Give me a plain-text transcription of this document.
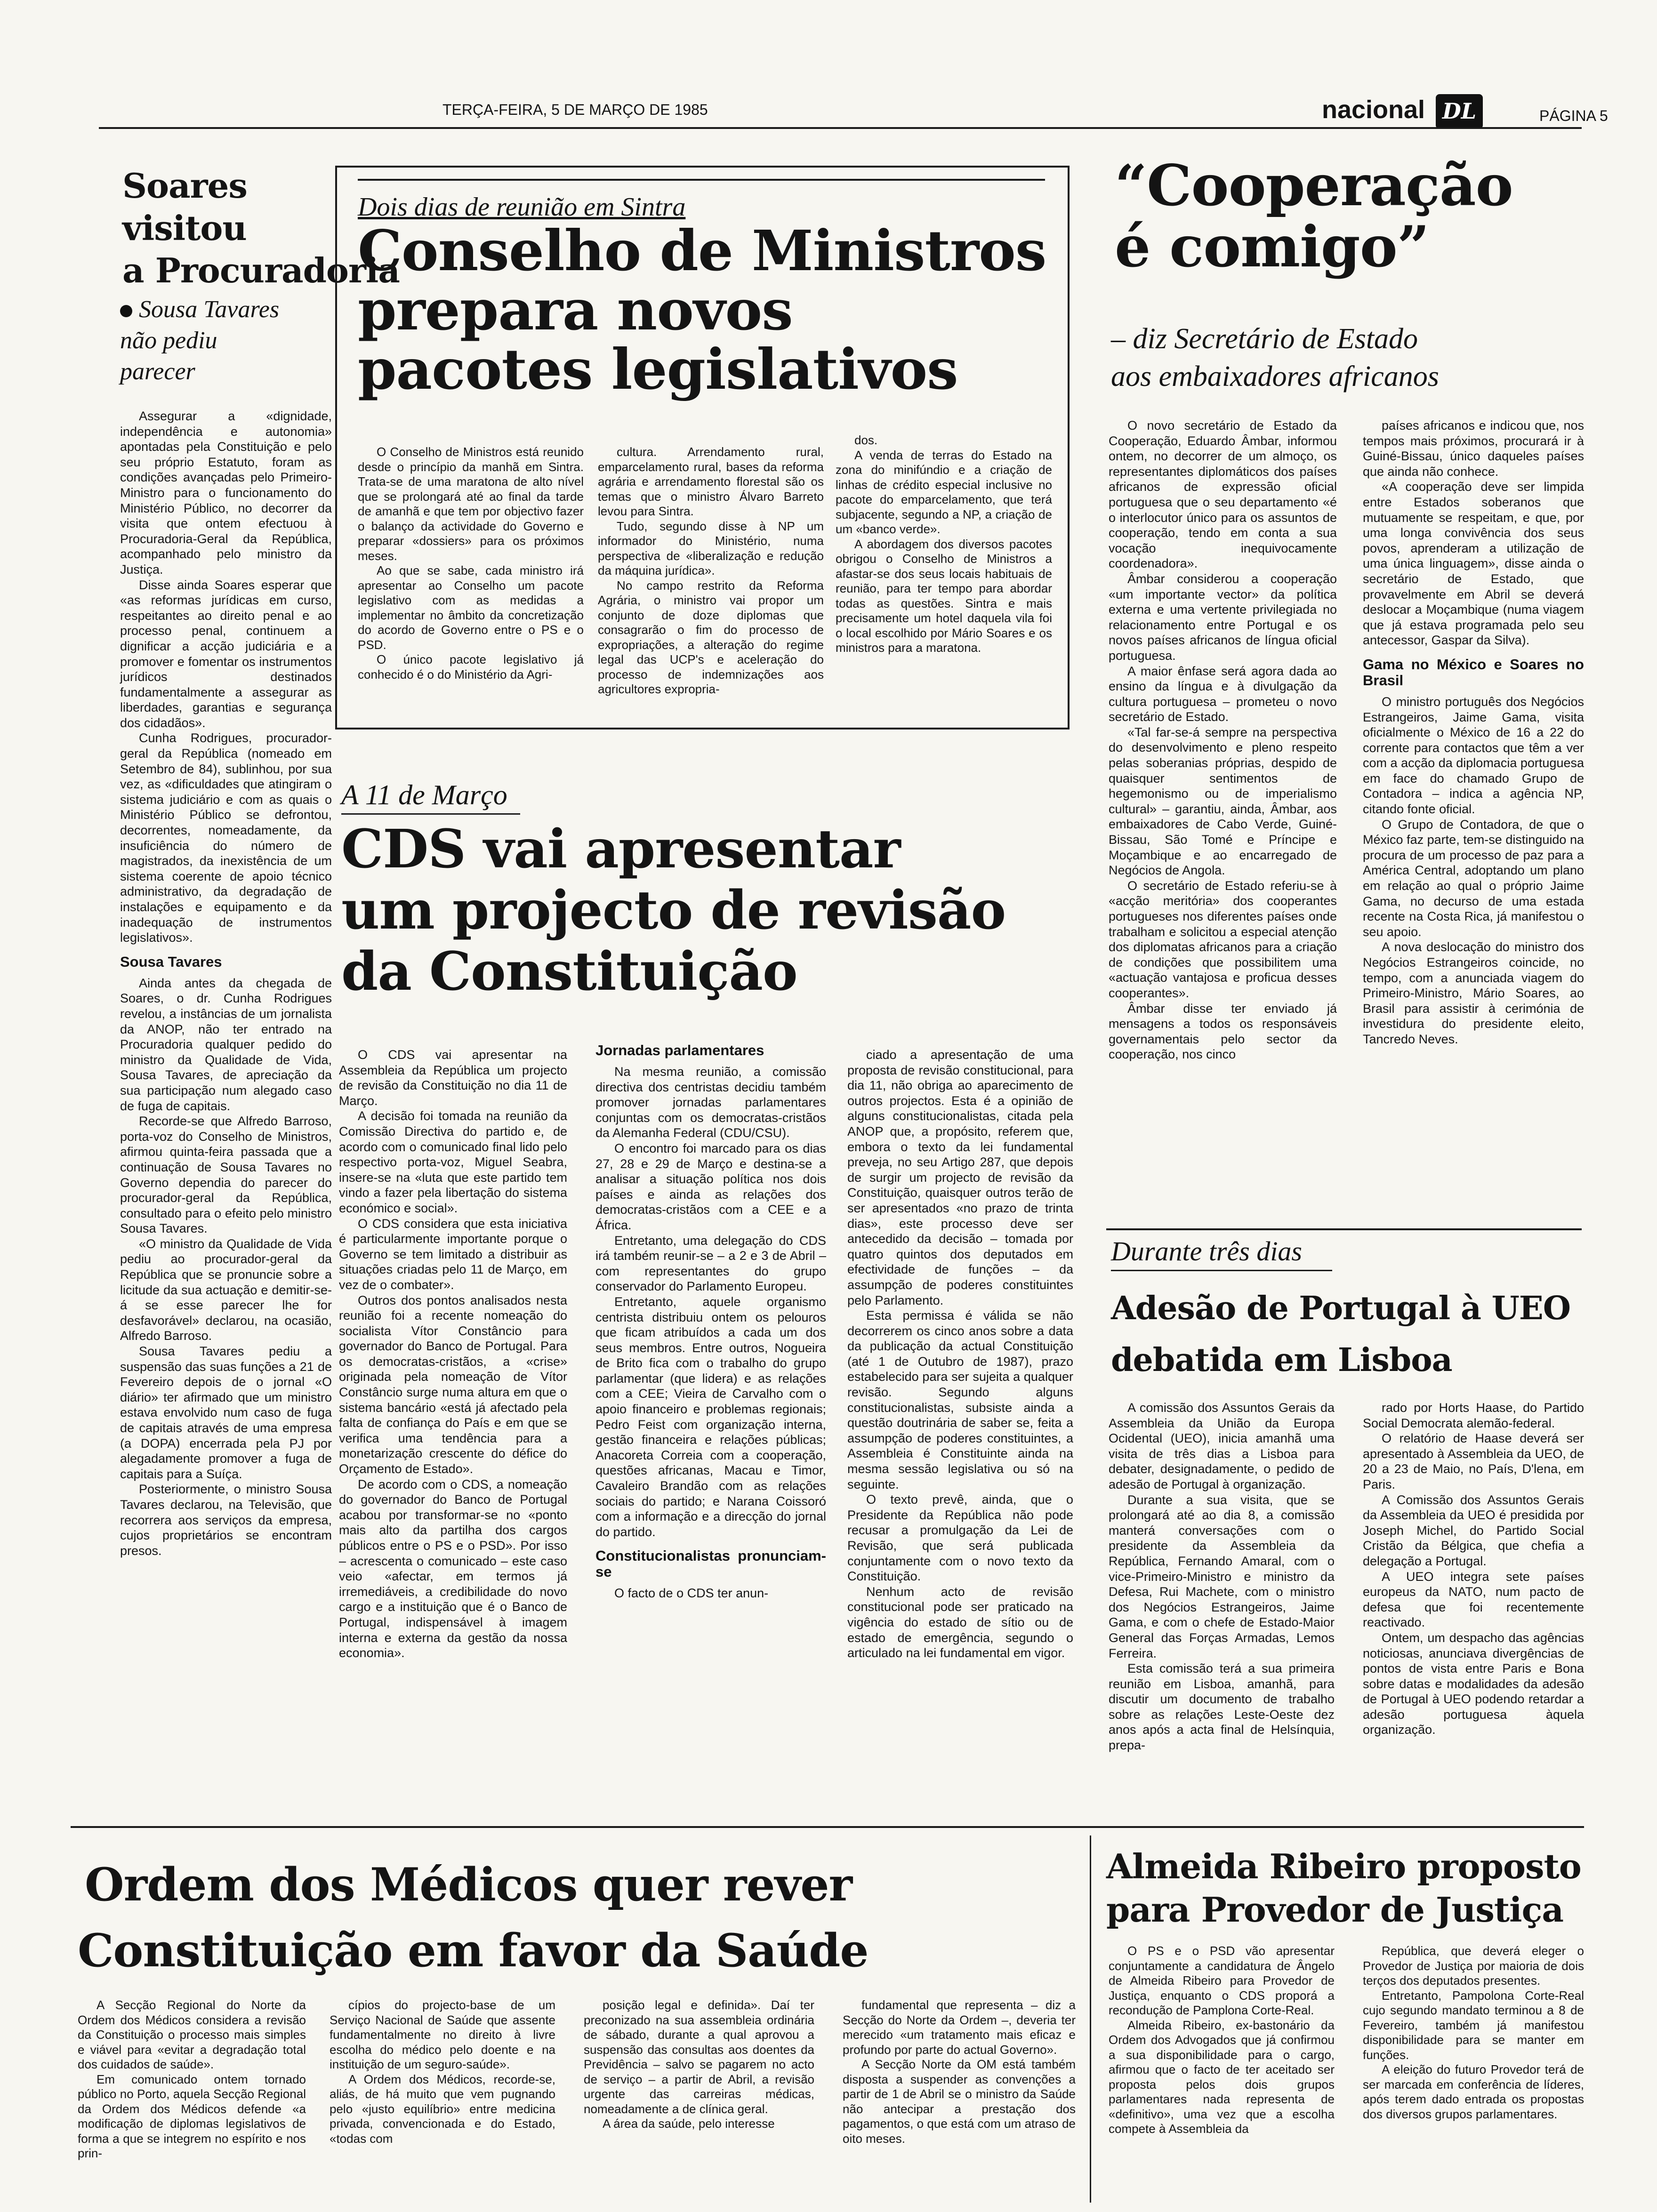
TERÇA-FEIRA, 5 DE MARÇO DE 1985	nacional DL	PÁGINA 5
Soares
visitou
a Procuradoria
Sousa Tavares
não pediu
parecer

Assegurar a «dignidade, independência e autonomia» apontadas pela Constituição e pelo seu próprio Estatuto, foram as condições avançadas pelo Primeiro-Ministro para o funcionamento do Ministério Público, no decorrer da visita que ontem efectuou à Procuradoria-Geral da República, acompanhado pelo ministro da Justiça.

Disse ainda Soares esperar que «as reformas jurídicas em curso, respeitantes ao direito penal e ao processo penal, continuem a dignificar a acção judiciária e a promover e fomentar os instrumentos jurídicos destinados fundamentalmente a assegurar as liberdades, garantias e segurança dos cidadãos».

Cunha Rodrigues, procurador-geral da República (nomeado em Setembro de 84), sublinhou, por sua vez, as «dificuldades que atingiram o sistema judiciário e com as quais o Ministério Público se defrontou, decorrentes, nomeadamente, da insuficiência do número de magistrados, da inexistência de um sistema coerente de apoio técnico administrativo, da degradação de instalações e equipamento e da inadequação de instrumentos legislativos».

Sousa Tavares

Ainda antes da chegada de Soares, o dr. Cunha Rodrigues revelou, a instâncias de um jornalista da ANOP, não ter entrado na Procuradoria qualquer pedido do ministro da Qualidade de Vida, Sousa Tavares, de apreciação da sua participação num alegado caso de fuga de capitais.

Recorde-se que Alfredo Barroso, porta-voz do Conselho de Ministros, afirmou quinta-feira passada que a continuação de Sousa Tavares no Governo dependia do parecer do procurador-geral da República, consultado para o efeito pelo ministro Sousa Tavares.

«O ministro da Qualidade de Vida pediu ao procurador-geral da República que se pronuncie sobre a licitude da sua actuação e demitir-se-á se esse parecer lhe for desfavorável» declarou, na ocasião, Alfredo Barroso.

Sousa Tavares pediu a suspensão das suas funções a 21 de Fevereiro depois de o jornal «O diário» ter afirmado que um ministro estava envolvido num caso de fuga de capitais através de uma empresa (a DOPA) encerrada pela PJ por alegadamente promover a fuga de capitais para a Suíça.

Posteriormente, o ministro Sousa Tavares declarou, na Televisão, que recorrera aos serviços da empresa, cujos proprietários se encontram presos.

Dois dias de reunião em Sintra
Conselho de Ministros
prepara novos
pacotes legislativos

O Conselho de Ministros está reunido desde o princípio da manhã em Sintra. Trata-se de uma maratona de alto nível que se prolongará até ao final da tarde de amanhã e que tem por objectivo fazer o balanço da actividade do Governo e preparar «dossiers» para os próximos meses.

Ao que se sabe, cada ministro irá apresentar ao Conselho um pacote legislativo com as medidas a implementar no âmbito da concretização do acordo de Governo entre o PS e o PSD.

O único pacote legislativo já conhecido é o do Ministério da Agri-

cultura. Arrendamento rural, emparcelamento rural, bases da reforma agrária e arrendamento florestal são os temas que o ministro Álvaro Barreto levou para Sintra.

Tudo, segundo disse à NP um informador do Ministério, numa perspectiva de «liberalização e redução da máquina jurídica».

No campo restrito da Reforma Agrária, o ministro vai propor um conjunto de doze diplomas que consagrarão o fim do processo de expropriações, a alteração do regime legal das UCP's e aceleração do processo de indemnizações aos agricultores expropria-

dos.

A venda de terras do Estado na zona do minifúndio e a criação de linhas de crédito especial inclusive no pacote do emparcelamento, que terá subjacente, segundo a NP, a criação de um «banco verde».

A abordagem dos diversos pacotes obrigou o Conselho de Ministros a afastar-se dos seus locais habituais de reunião, para ter tempo para abordar todas as questões. Sintra e mais precisamente um hotel daquela vila foi o local escolhido por Mário Soares e os ministros para a maratona.

A 11 de Março
CDS vai apresentar
um projecto de revisão
da Constituição

O CDS vai apresentar na Assembleia da República um projecto de revisão da Constituição no dia 11 de Março.

A decisão foi tomada na reunião da Comissão Directiva do partido e, de acordo com o comunicado final lido pelo respectivo porta-voz, Miguel Seabra, insere-se na «luta que este partido tem vindo a fazer pela libertação do sistema económico e social».

O CDS considera que esta iniciativa é particularmente importante porque o Governo se tem limitado a distribuir as situações criadas pelo 11 de Março, em vez de o combater».

Outros dos pontos analisados nesta reunião foi a recente nomeação do socialista Vítor Constâncio para governador do Banco de Portugal. Para os democratas-cristãos, a «crise» originada pela nomeação de Vítor Constâncio surge numa altura em que o sistema bancário «está já afectado pela falta de confiança do País e em que se verifica uma tendência para a monetarização crescente do défice do Orçamento de Estado».

De acordo com o CDS, a nomeação do governador do Banco de Portugal acabou por transformar-se no «ponto mais alto da partilha dos cargos públicos entre o PS e o PSD». Por isso – acrescenta o comunicado – este caso veio «afectar, em termos já irremediáveis, a credibilidade do novo cargo e a instituição que é o Banco de Portugal, indispensável à imagem interna e externa da gestão da nossa economia».

Jornadas parlamentares

Na mesma reunião, a comissão directiva dos centristas decidiu também promover jornadas parlamentares conjuntas com os democratas-cristãos da Alemanha Federal (CDU/CSU).

O encontro foi marcado para os dias 27, 28 e 29 de Março e destina-se a analisar a situação política nos dois países e ainda as relações dos democratas-cristãos com a CEE e a África.

Entretanto, uma delegação do CDS irá também reunir-se – a 2 e 3 de Abril – com representantes do grupo conservador do Parlamento Europeu.

Entretanto, aquele organismo centrista distribuiu ontem os pelouros que ficam atribuídos a cada um dos seus membros. Entre outros, Nogueira de Brito fica com o trabalho do grupo parlamentar (que lidera) e as relações com a CEE; Vieira de Carvalho com o apoio financeiro e problemas regionais; Pedro Feist com organização interna, gestão financeira e relações públicas; Anacoreta Correia com a cooperação, questões africanas, Macau e Timor, Cavaleiro Brandão com as relações sociais do partido; e Narana Coissoró com a informação e a direcção do jornal do partido.

Constitucionalistas pronunciam-se

O facto de o CDS ter anun-

ciado a apresentação de uma proposta de revisão constitucional, para dia 11, não obriga ao aparecimento de outros projectos. Esta é a opinião de alguns constitucionalistas, citada pela ANOP que, a propósito, referem que, embora o texto da lei fundamental preveja, no seu Artigo 287, que depois de surgir um projecto de revisão da Constituição, quaisquer outros terão de ser apresentados «no prazo de trinta dias», este processo deve ser antecedido da decisão – tomada por quatro quintos dos deputados em efectividade de funções – da assumpção de poderes constituintes pelo Parlamento.

Esta permissa é válida se não decorrerem os cinco anos sobre a data da publicação da actual Constituição (até 1 de Outubro de 1987), prazo estabelecido para ser sujeita a qualquer revisão. Segundo alguns constitucionalistas, subsiste ainda a questão doutrinária de saber se, feita a assumpção de poderes constituintes, a Assembleia é Constituinte ainda na mesma sessão legislativa ou só na seguinte.

O texto prevê, ainda, que o Presidente da República não pode recusar a promulgação da Lei de Revisão, que será publicada conjuntamente com o novo texto da Constituição.

Nenhum acto de revisão constitucional pode ser praticado na vigência do estado de sítio ou de estado de emergência, segundo o articulado na lei fundamental em vigor.

“Cooperação
é comigo”
– diz Secretário de Estado
aos embaixadores africanos

O novo secretário de Estado da Cooperação, Eduardo Âmbar, informou ontem, no decorrer de um almoço, os representantes diplomáticos dos países africanos de expressão oficial portuguesa que o seu departamento «é o interlocutor único para os assuntos de cooperação, tendo em conta a sua vocação inequivocamente coordenadora».

Âmbar considerou a cooperação «um importante vector» da política externa e uma vertente privilegiada no relacionamento entre Portugal e os novos países africanos de língua oficial portuguesa.

A maior ênfase será agora dada ao ensino da língua e à divulgação da cultura portuguesa – prometeu o novo secretário de Estado.

«Tal far-se-á sempre na perspectiva do desenvolvimento e pleno respeito pelas soberanias próprias, despido de quaisquer sentimentos de hegemonismo ou de imperialismo cultural» – garantiu, ainda, Âmbar, aos embaixadores de Cabo Verde, Guiné-Bissau, São Tomé e Príncipe e Moçambique e ao encarregado de Negócios de Angola.

O secretário de Estado referiu-se à «acção meritória» dos cooperantes portugueses nos diferentes países onde trabalham e solicitou a especial atenção dos diplomatas africanos para a criação de condições que possibilitem uma «actuação vantajosa e proficua desses cooperantes».

Âmbar disse ter enviado já mensagens a todos os responsáveis governamentais pelo sector da cooperação, nos cinco

países africanos e indicou que, nos tempos mais próximos, procurará ir à Guiné-Bissau, único daqueles países que ainda não conhece.

«A cooperação deve ser limpida entre Estados soberanos que mutuamente se respeitam, e que, por uma longa convivência dos seus povos, aprenderam a utilização de uma única linguagem», disse ainda o secretário de Estado, que provavelmente em Abril se deverá deslocar a Moçambique (numa viagem que já estava programada pelo seu antecessor, Gaspar da Silva).

Gama no México e Soares no Brasil

O ministro português dos Negócios Estrangeiros, Jaime Gama, visita oficialmente o México de 16 a 22 do corrente para contactos que têm a ver com a acção da diplomacia portuguesa em face do chamado Grupo de Contadora – indica a agência NP, citando fonte oficial.

O Grupo de Contadora, de que o México faz parte, tem-se distinguido na procura de um processo de paz para a América Central, adoptando um plano em relação ao qual o próprio Jaime Gama, no decurso de uma estada recente na Costa Rica, já manifestou o seu apoio.

A nova deslocação do ministro dos Negócios Estrangeiros coincide, no tempo, com a anunciada viagem do Primeiro-Ministro, Mário Soares, ao Brasil para assistir à cerimónia de investidura do presidente eleito, Tancredo Neves.

Durante três dias
Adesão de Portugal à UEO
debatida em Lisboa

A comissão dos Assuntos Gerais da Assembleia da União da Europa Ocidental (UEO), inicia amanhã uma visita de três dias a Lisboa para debater, designadamente, o pedido de adesão de Portugal à organização.

Durante a sua visita, que se prolongará até ao dia 8, a comissão manterá conversações com o presidente da Assembleia da República, Fernando Amaral, com o vice-Primeiro-Ministro e ministro da Defesa, Rui Machete, com o ministro dos Negócios Estrangeiros, Jaime Gama, e com o chefe de Estado-Maior General das Forças Armadas, Lemos Ferreira.

Esta comissão terá a sua primeira reunião em Lisboa, amanhã, para discutir um documento de trabalho sobre as relações Leste-Oeste dez anos após a acta final de Helsínquia, prepa-

rado por Horts Haase, do Partido Social Democrata alemão-federal.

O relatório de Haase deverá ser apresentado à Assembleia da UEO, de 20 a 23 de Maio, no País, D'lena, em Paris.

A Comissão dos Assuntos Gerais da Assembleia da UEO é presidida por Joseph Michel, do Partido Social Cristão da Bélgica, que chefia a delegação a Portugal.

A UEO integra sete países europeus da NATO, num pacto de defesa que foi recentemente reactivado.

Ontem, um despacho das agências noticiosas, anunciava divergências de pontos de vista entre Paris e Bona sobre datas e modalidades da adesão de Portugal à UEO podendo retardar a adesão portuguesa àquela organização.

Ordem dos Médicos quer rever
Constituição em favor da Saúde

A Secção Regional do Norte da Ordem dos Médicos considera a revisão da Constituição o processo mais simples e viável para «evitar a degradação total dos cuidados de saúde».

Em comunicado ontem tornado público no Porto, aquela Secção Regional da Ordem dos Médicos defende «a modificação de diplomas legislativos de forma a que se integrem no espírito e nos prin-

cípios do projecto-base de um Serviço Nacional de Saúde que assente fundamentalmente no direito à livre escolha do médico pelo doente e na instituição de um seguro-saúde».

A Ordem dos Médicos, recorde-se, aliás, de há muito que vem pugnando pelo «justo equilíbrio» entre medicina privada, convencionada e do Estado, «todas com

posição legal e definida». Daí ter preconizado na sua assembleia ordinária de sábado, durante a qual aprovou a suspensão das consultas aos doentes da Previdência – salvo se pagarem no acto de serviço – a partir de Abril, a revisão urgente das carreiras médicas, nomeadamente a de clínica geral.

A área da saúde, pelo interesse

fundamental que representa – diz a Secção do Norte da Ordem –, deveria ter merecido «um tratamento mais eficaz e profundo por parte do actual Governo».

A Secção Norte da OM está também disposta a suspender as convenções a partir de 1 de Abril se o ministro da Saúde não antecipar a prestação dos pagamentos, o que está com um atraso de oito meses.

Almeida Ribeiro proposto
para Provedor de Justiça

O PS e o PSD vão apresentar conjuntamente a candidatura de Ângelo de Almeida Ribeiro para Provedor de Justiça, enquanto o CDS proporá a recondução de Pamplona Corte-Real.

Almeida Ribeiro, ex-bastonário da Ordem dos Advogados que já confirmou a sua disponibilidade para o cargo, afirmou que o facto de ter aceitado ser proposta pelos dois grupos parlamentares nada representa de «definitivo», uma vez que a escolha compete à Assembleia da

República, que deverá eleger o Provedor de Justiça por maioria de dois terços dos deputados presentes.

Entretanto, Pampolona Corte-Real cujo segundo mandato terminou a 8 de Fevereiro, também já manifestou disponibilidade para se manter em funções.

A eleição do futuro Provedor terá de ser marcada em conferência de líderes, após terem dado entrada os propostas dos diversos grupos parlamentares.
